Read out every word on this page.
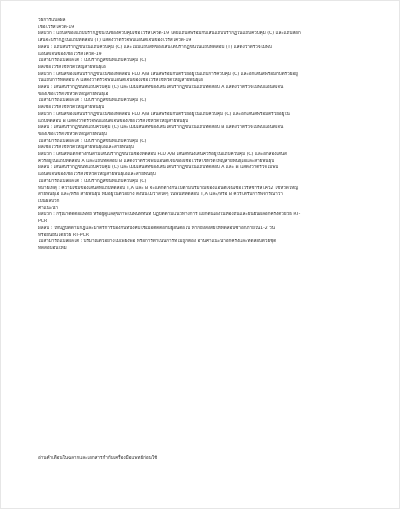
วิธีการแปลผล
เชื้อไวรัสโควิด-19
ผลบวก : แถบสีของแถบปรากฏขึ้นในช่องควบคุมเชื้อไวรัสโควิด-19 โดยแถบสีพร้อมกับเส้นแถบปรากฏในแถบควบคุม (C) และแถบสีอีก
เส้นจะปรากฏในแถบทดสอบ (T) แสดงว่าตรวจพบแอนติเจนของไวรัสโควิด-19
ผลลบ : แถบสีปรากฏขึ้นในแถบควบคุม (C) และไม่มีแถบสีที่ของเส้นได้ปรากฏขึ้นในแถบทดสอบ (T) แสดงว่าตรวจไม่พบ
แอนติเจนของเชื้อไวรัสโควิด-19
ไม่สามารถแปลผลได้ : ไม่ปรากฏสีขึ้นที่แถบควบคุม (C)
ผลเชื้อไวรัสไข้หวัดใหญ่สายพันธุ์เอ
ผลบวก : เส้นสีของเส้นปรากฏขึ้นในช่องทดสอบ FLU A/B เส้นสีพร้อมกับตรวยอยู่ในแถบการควบคุม (C) และอีกเส้นสีพร้อมกับตรวยอยู่
ในแถบการทดสอบ A แสดงว่าตรวจพบแอนติเจนของเชื้อไวรัสไข้หวัดใหญ่สายพันธุ์เอ
ผลลบ : เส้นสีปรากฏขึ้นที่แถบควบคุม (C) และไม่มีเส้นสีที่ของเส้นได้ปรากฏขึ้นในแถบทดสอบ A แสดงว่าตรวจไม่พบแอนติเจน
ของเชื้อไวรัสไข้หวัดใหญ่สายพันธุ์เอ
ไม่สามารถแปลผลได้ : ไม่ปรากฏสีขึ้นที่แถบควบคุม (C)
ผลเชื้อไวรัสไข้หวัดใหญ่สายพันธุ์บี
ผลบวก : เส้นสีของเส้นปรากฏขึ้นในช่องทดสอบ FLU A/B เส้นสีพร้อมกับตรวยอยู่ในแถบควบคุม (C) และอีกเส้นสีพร้อมตรวยอยู่ใน
แถบทดสอบ B แสดงว่าตรวจพบแอนติเจนของเชื้อไวรัสไข้หวัดใหญ่สายพันธุ์บี
ผลลบ : เส้นสีปรากฏขึ้นที่แถบควบคุม (C) และไม่มีเส้นสีที่ของเส้นได้ปรากฏขึ้นในแถบทดสอบ B แสดงว่าตรวจไม่พบแอนติเจน
ของเชื้อไวรัสไข้หวัดใหญ่สายพันธุ์บี
ไม่สามารถแปลผลได้ : ไม่ปรากฏสีขึ้นที่แถบควบคุม (C)
ผลเชื้อไวรัสไข้หวัดใหญ่สายพันธุ์เอและสายพันธุ์บี
ผลบวก : เส้นสีที่แตกต่างกันสามเส้นปรากฏขึ้นในช่องทดสอบ FLU A/B เส้นสีหนึ่งเส้นควรอยู่ในแถบควบคุม (C) และอีกสองเส้นสี
ควรอยู่ในแถบทดสอบ A และแถบทดสอบ B แสดงว่าตรวจพบแอนติเจนของเชื้อไวรัสไข้หวัดใหญ่สายพันธุ์เอและสายพันธุ์บี
ผลลบ : เส้นสีปรากฏขึ้นที่แถบควบคุม (C) และไม่มีเส้นสีที่ของเส้นได้ปรากฏขึ้นในแถบทดสอบ A และ B แสดงว่าตรวจไม่พบ
แอนติเจนของเชื้อไวรัสไข้หวัดใหญ่สายพันธุ์เอและสายพันธุ์บี
ไม่สามารถแปลผลได้ : ไม่ปรากฏสีขึ้นที่แถบควบคุม (C)
หมายเหตุ : ความเข้มของเส้นสีที่แถบทดสอบ T,A และ B จะแตกต่างกันไปตามปริมาณของแอนติเจนเชื้อไวรัสชาร์สโควี2 ไข้หวัดใหญ่
สายพันธุ์เอ และ/หรือ สายพันธุ์บี ที่มีอยู่ในตัวอย่าง ดังนั้นไม่ว่าสีใดๆ ในพื้นที่ทดสอบ T,A และ/หรือ B ควรได้รับการพิจารณาว่า
เป็นผลบวก
คำแนะนำ
ผลบวก : กรุณาติดต่อแพทย์ หรือผู้ดูแลสุขภาพในพื้นที่ทันที ปฏิบัติตามแนวทางการ แยกตนเองในท้องถิ่นและยืนยันผลอีกครั้งด้วยวิธี RT-
PCR
ผลลบ : ให้ปฏิบัติตามกฎและมาตรการป้องกันที่บังคับใช้เมื่อติดต่อกับผู้อื่นต่อไป หากยังสงสัยให้ทดสอบซ้ำอีกภายใน1-2 วัน
หรือยืนยันโดยวิธี RT-PCR
ไม่สามารถแปลผลได้ : ปริมาณตัวอย่างไม่เพียงพอ หรือการดำเนินการที่ไม่ถูกต้อง อ่านคำแนะนำอีกครั้งและทดสอบด้วยชุด
ทดสอบอันใหม่
อ่านคำเตือนในฉลากและเอกสารกำกับเครื่องมือแพทย์ก่อนใช้
